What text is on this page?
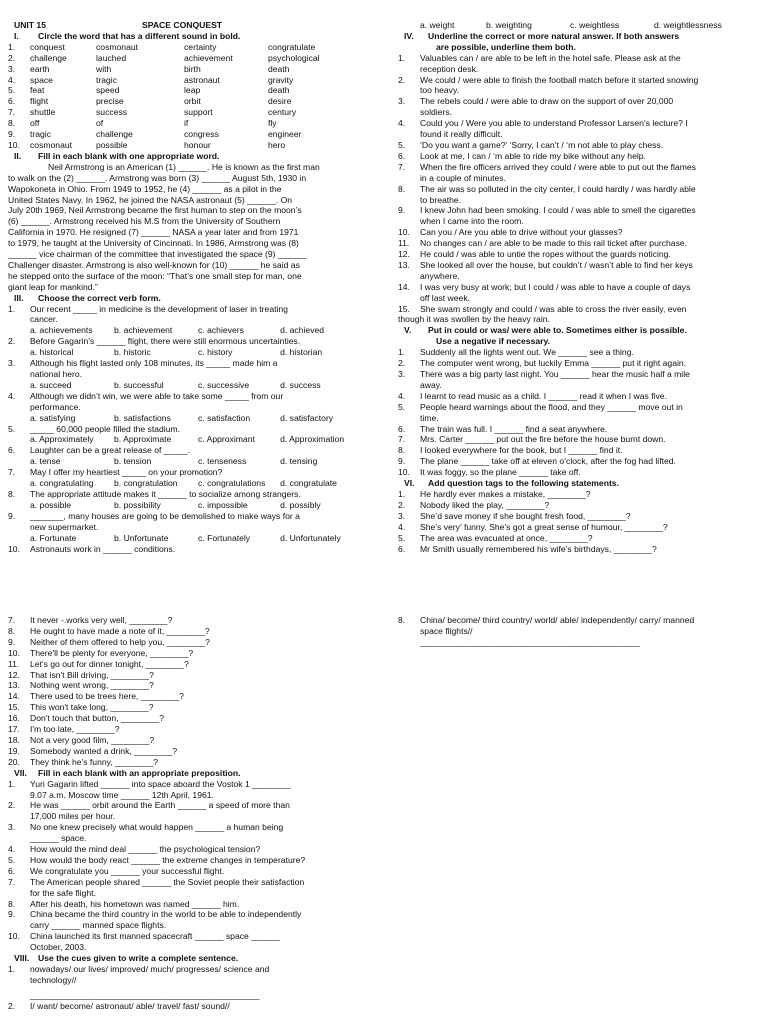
UNIT 15	SPACE CONQUEST
I.	Circle the word that has a different sound in bold.
1.	conquest	cosmonaut	certainty	congratulate
2.	challenge	lauched	achievement	psychological
3.	earth	with	birth	death
4.	space	tragic	astronaut	gravity
5.	feat	speed	leap	death
6.	flight	precise	orbit	desire
7.	shuttle	success	support	century
8.	off	of	if	fly
9.	tragic	challenge	congress	engineer
10.	cosmonaut	possible	honour	hero
II.	Fill in each blank with one appropriate word.
Neil Armstrong is an American (1) ______. He is known as the first man
to walk on the (2) ______. Armstrong was born (3) ______ August 5th, 1930 in
Wapokoneta in Ohio. From 1949 to 1952, he (4) ______ as a pilot in the
United States Navy. In 1962, he joined the NASA astronaut (5) ______. On
July 20th 1969, Neil Armstrong became the first human to step on the moon’s
(6) ______. Armstrong received his M.S from the University of Southern
California in 1970. He resigned (7) ______ NASA a year later and from 1971
to 1979, he taught at the University of Cincinnati. In 1986, Armstrong was (8)
______ vice chairman of the committee that investigated the space (9) ______
Challenger disaster. Armstrong is also well-known for (10) ______ he said as
he stepped onto the surface of the moon: “That’s one small step for man, one
giant leap for mankind.”
III.	Choose the correct verb form.
1.	Our recent _____ in medicine is the development of laser in treating
cancer.
a. achievements	b. achievement	c. achievers	d. achieved
2.	Before Gagarin’s ______ flight, there were still enormous uncertainties.
a. historical	b. historic	c. history	d. historian
3.	Although his flight lasted only 108 minutes, its _____ made him a
national hero.
a. succeed	b. successful	c. successive	d. success
4.	Although we didn’t win, we were able to take some _____ from our
performance.
a. satisfying	b. satisfactions	c. satisfaction	d. satisfactory
5.	_____ 60,000 people filled the stadium.
a. Approximately	b. Approximate	c. Approximant	d. Approximation
6.	Laughter can be a great release of _____.
a. tense	b. tension	c. tenseness	d. tensing
7.	May I offer my heartiest _____ on your promotion?
a. congratulating	b. congratulation	c. congratulations	d. congratulate
8.	The appropriate attitude makes it ______ to socialize among strangers.
a. possible	b. possibility	c. impossible	d. possibly
9.	_______, many houses are going to be demolished to make ways for a
new supermarket.
a. Fortunate	b. Unfortunate	c. Fortunately	d. Unfortunately
10.	Astronauts work in ______ conditions.
a. weight	b. weighting	c. weightless	d. weightlessness
IV.	Underline the correct or more natural answer. If both answers
are possible, underline them both.
1.	Valuables can / are able to be left in the hotel safe. Please ask at the
reception desk.
2.	We could / were able to finish the football match before it started snowing
too heavy.
3.	The rebels could / were able to draw on the support of over 20,000
soldiers.
4.	Could you / Were you able to understand Professor Larsen’s lecture? I
found it really difficult.
5.	‘Do you want a game?’ ‘Sorry, I can’t / ‘m not able to play chess.
6.	Look at me, I can / ‘m able to ride my bike without any help.
7.	When the fire officers arrived they could / were able to put out the flames
in a couple of minutes.
8.	The air was so polluted in the city center, I could hardly / was hardly able
to breathe.
9.	I knew John had been smoking. I could / was able to smell the cigarettes
when I came into the room.
10.	Can you / Are you able to drive without your glasses?
11.	No changes can / are able to be made to this rail ticket after purchase.
12.	He could / was able to untie the ropes without the guards noticing.
13.	She looked all over the house, but couldn’t / wasn’t able to find her keys
anywhere.
14.	I was very busy at work; but I could / was able to have a couple of days
off last week.
15.	She swam strongly and could / was able to cross the river easily, even
though it was swollen by the heavy rain.
V.	Put in could or was/ were able to. Sometimes either is possible.
Use a negative if necessary.
1.	Suddenly all the lights went out. We ______ see a thing.
2.	The computer went wrong, but luckily Emma ______ put it right again.
3.	There was a big party last night. You ______ hear the music half a mile
away.
4.	I learnt to read music as a child. I ______ read it when I was five.
5.	People heard warnings about the flood, and they ______ move out in
time.
6.	The train was full. I ______ find a seat anywhere.
7.	Mrs. Carter ______ put out the fire before the house burnt down.
8.	I looked everywhere for the book, but I ______ find it.
9.	The plane ______ take off at eleven o’clock, after the fog had lifted.
10.	It was foggy, so the plane ______ take off.
VI.	Add question tags to the following statements.
1.	He hardly ever makes a mistake, ________?
2.	Nobody liked the play, ________?
3.	She’d save money if she bought fresh food, ________?
4.	She’s very’ funny. She’s got a great sense of humour, ________?
5.	The area was evacuated at once, ________?
6.	Mr Smith usually remembered his wife’s birthdays, ________?
7.	It never -.works very well, ________?
8.	He ought to have made a note of it, ________?
9.	Neither of them offered to help you, ________?
10.	There'll be plenty for everyone, ________?
11.	Let's go out for dinner tonight, ________?
12.	That isn't Bill driving, ________?
13.	Nothing went wrong, ________?
14.	There used to be trees here, ________?
15.	This won't take long, ________?
16.	Don't touch that button, ________?
17.	I'm too late, ________?
18.	Not a very good film, ________?
19.	Somebody wanted a drink, ________?
20.	They think he's funny, ________?
VII.	Fill in each blank with an appropriate preposition.
1.	Yuri Gagarin lifted ______ into space aboard the Vostok 1 ________
9.07 a.m. Moscow time ______ 12th April, 1961.
2.	He was ______ orbit around the Earth ______ a speed of more than
17,000 miles per hour.
3.	No one knew precisely what would happen ______ a human being
______ space.
4.	How would the mind deal ______ the psychological tension?
5.	How would the body react ______ the extreme changes in temperature?
6.	We congratulate you ______ your successful flight.
7.	The American people shared ______ the Soviet people their satisfaction
for the safe flight.
8.	After his death, his hometown was named ______ him.
9.	China became the third country in the world to be able to independently
carry ______ manned space flights.
10.	China launched its first manned spacecraft ______ space ______
October, 2003.
VIII.	Use the cues given to write a complete sentence.
1.	nowadays/ our lives/ improved/ much/ progresses/ science and
technology//
________________________________________________
2.	I/ want/ become/ astronaut/ able/ travel/ fast/ sound//
8.	China/ become/ third country/ world/ able/ independently/ carry/ manned
space flights//
______________________________________________
